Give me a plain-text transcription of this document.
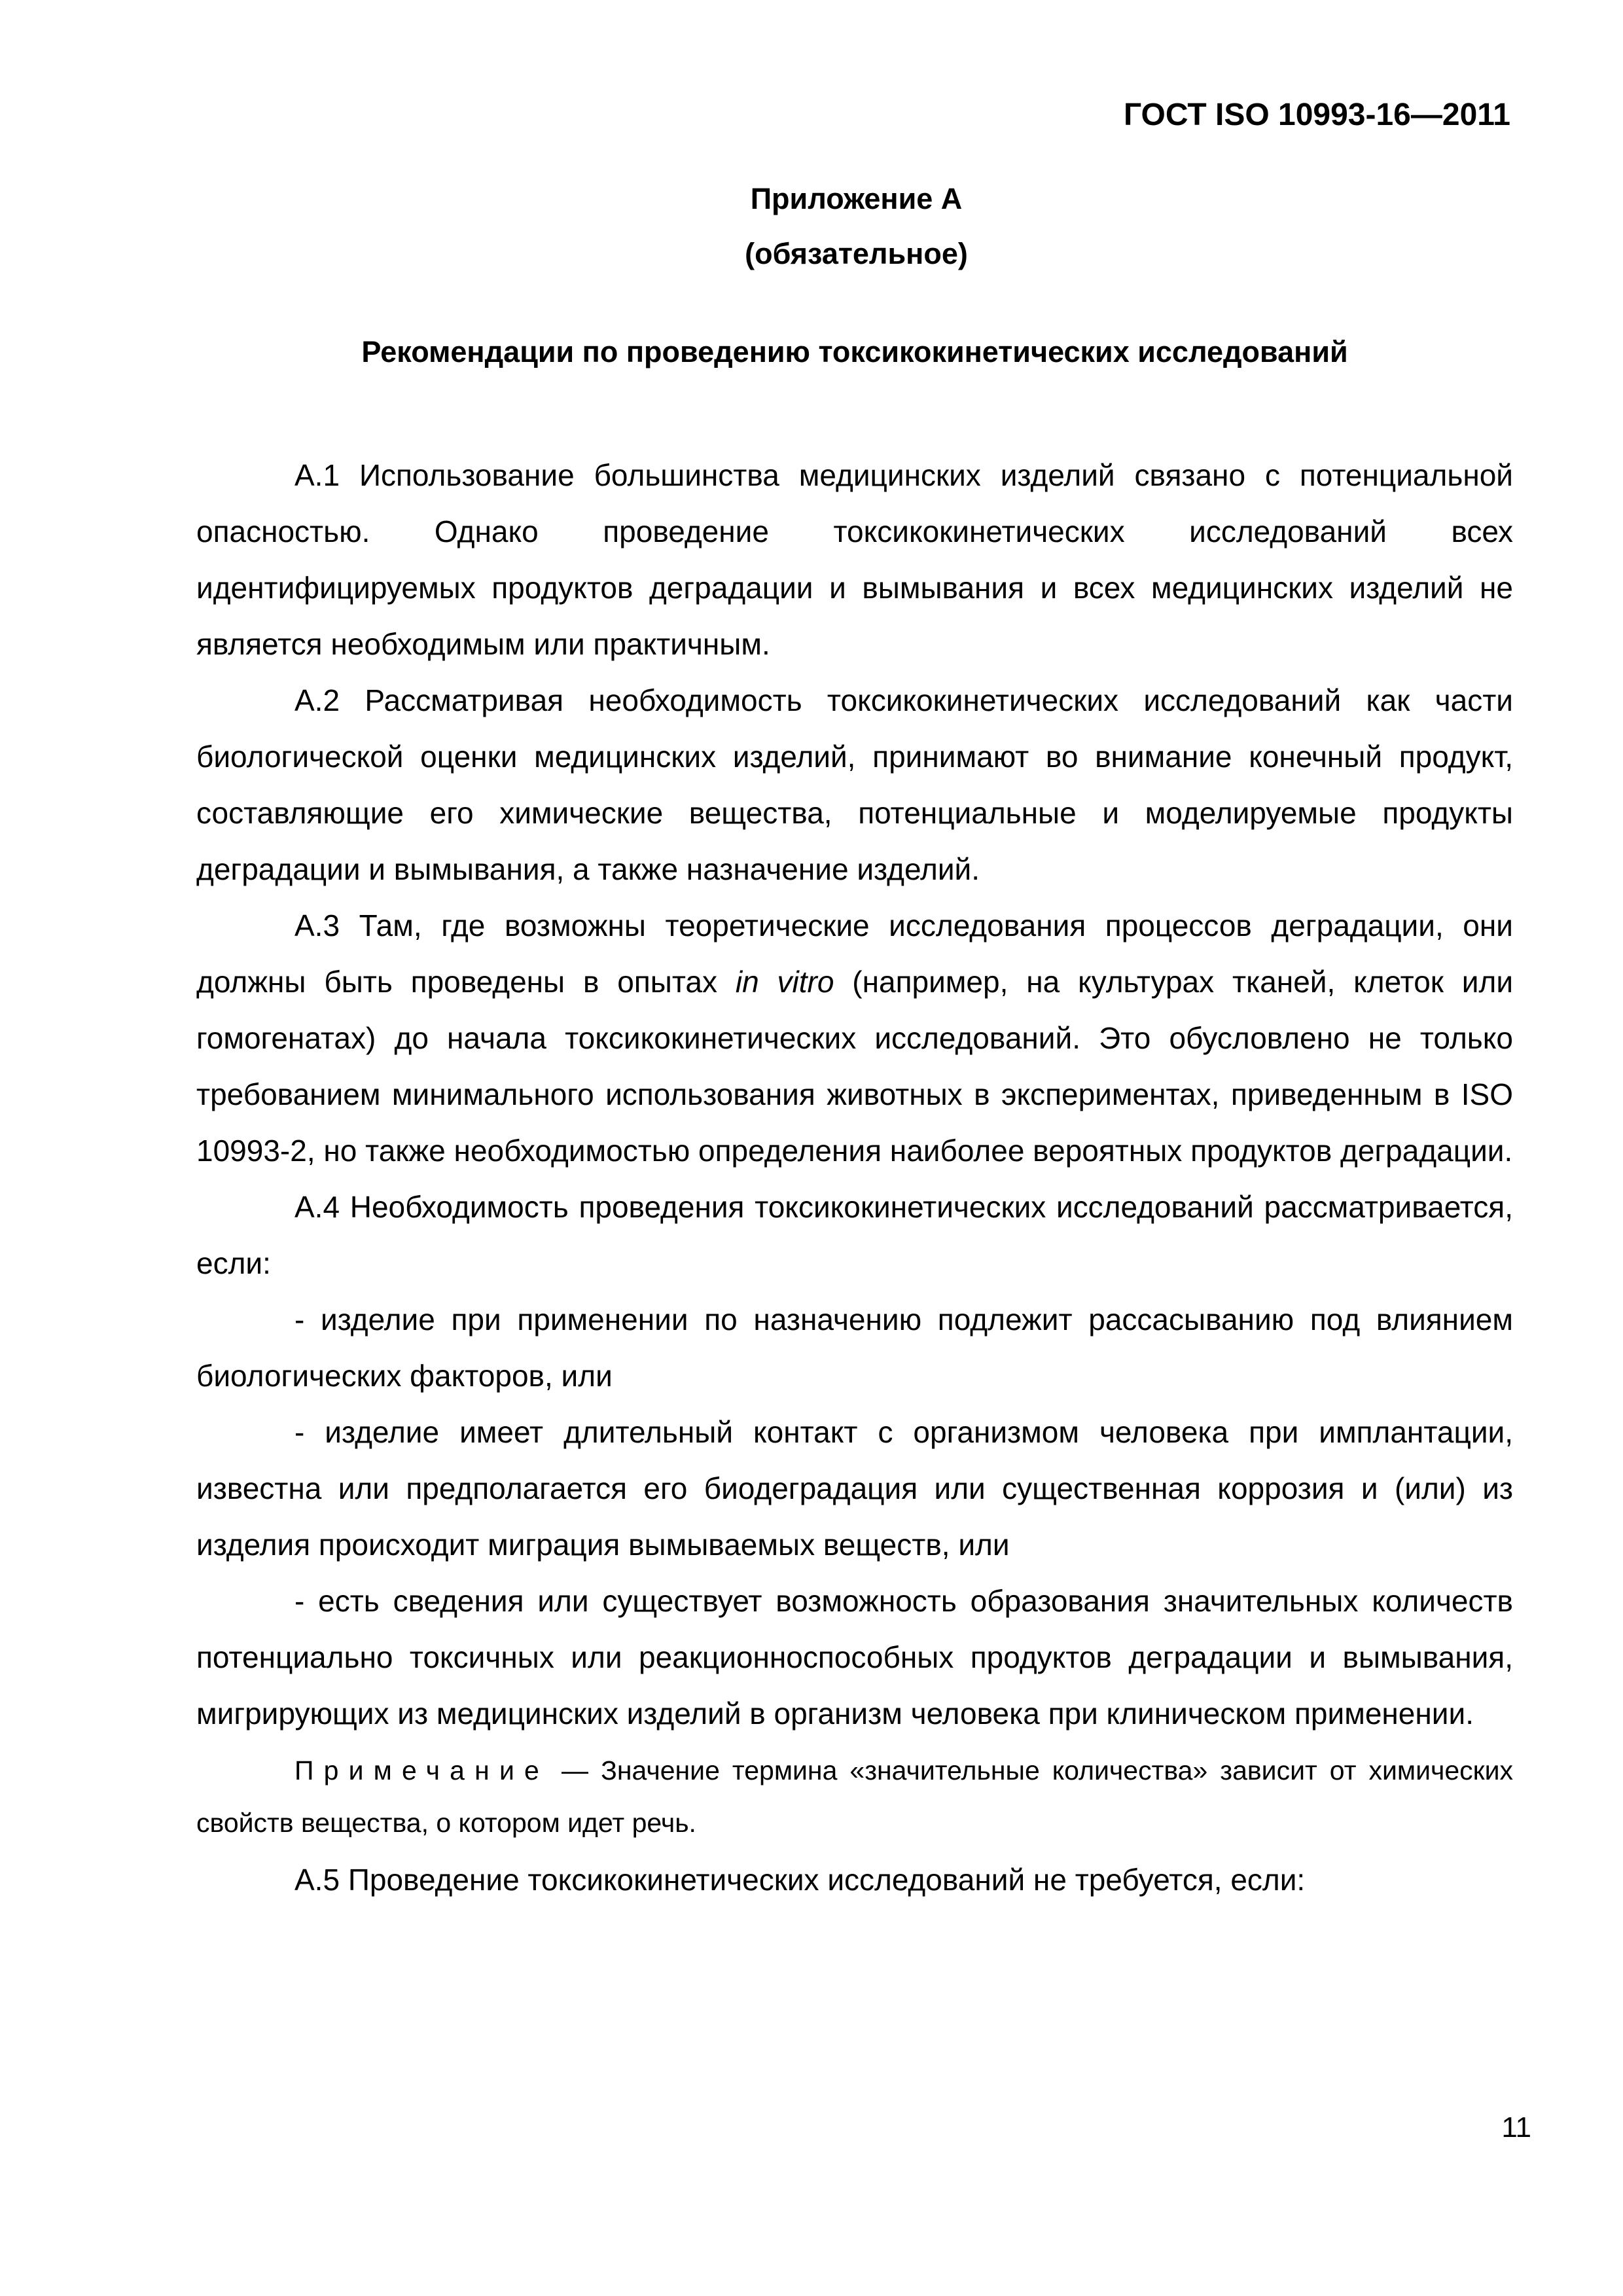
ГОСТ ISO 10993-16—2011
Приложение А
(обязательное)
Рекомендации по проведению токсикокинетических исследований

А.1 Использование большинства медицинских изделий связано с потенциальной опасностью. Однако проведение токсикокинетических исследований всех идентифицируемых продуктов деградации и вымывания и всех медицинских изделий не является необходимым или практичным.

А.2 Рассматривая необходимость токсикокинетических исследований как части биологической оценки медицинских изделий, принимают во внимание конечный продукт, составляющие его химические вещества, потенциальные и моделируемые продукты деградации и вымывания, а также назначение изделий.

А.3 Там, где возможны теоретические исследования процессов деградации, они должны быть проведены в опытах in vitro (например, на культурах тканей, клеток или гомогенатах) до начала токсикокинетических исследований. Это обусловлено не только требованием минимального использования животных в экспериментах, приведенным в ISO 10993-2, но также необходимостью определения наиболее вероятных продуктов деградации.

А.4 Необходимость проведения токсикокинетических исследований рассматривается, если:

- изделие при применении по назначению подлежит рассасыванию под влиянием биологических факторов, или

- изделие имеет длительный контакт с организмом человека при имплантации, известна или предполагается его биодеградация или существенная коррозия и (или) из изделия происходит миграция вымываемых веществ, или

- есть сведения или существует возможность образования значительных количеств потенциально токсичных или реакционноспособных продуктов деградации и вымывания, мигрирующих из медицинских изделий в организм человека при клиническом применении.

Примечание — Значение термина «значительные количества» зависит от химических свойств вещества, о котором идет речь.

А.5 Проведение токсикокинетических исследований не требуется, если:

11
